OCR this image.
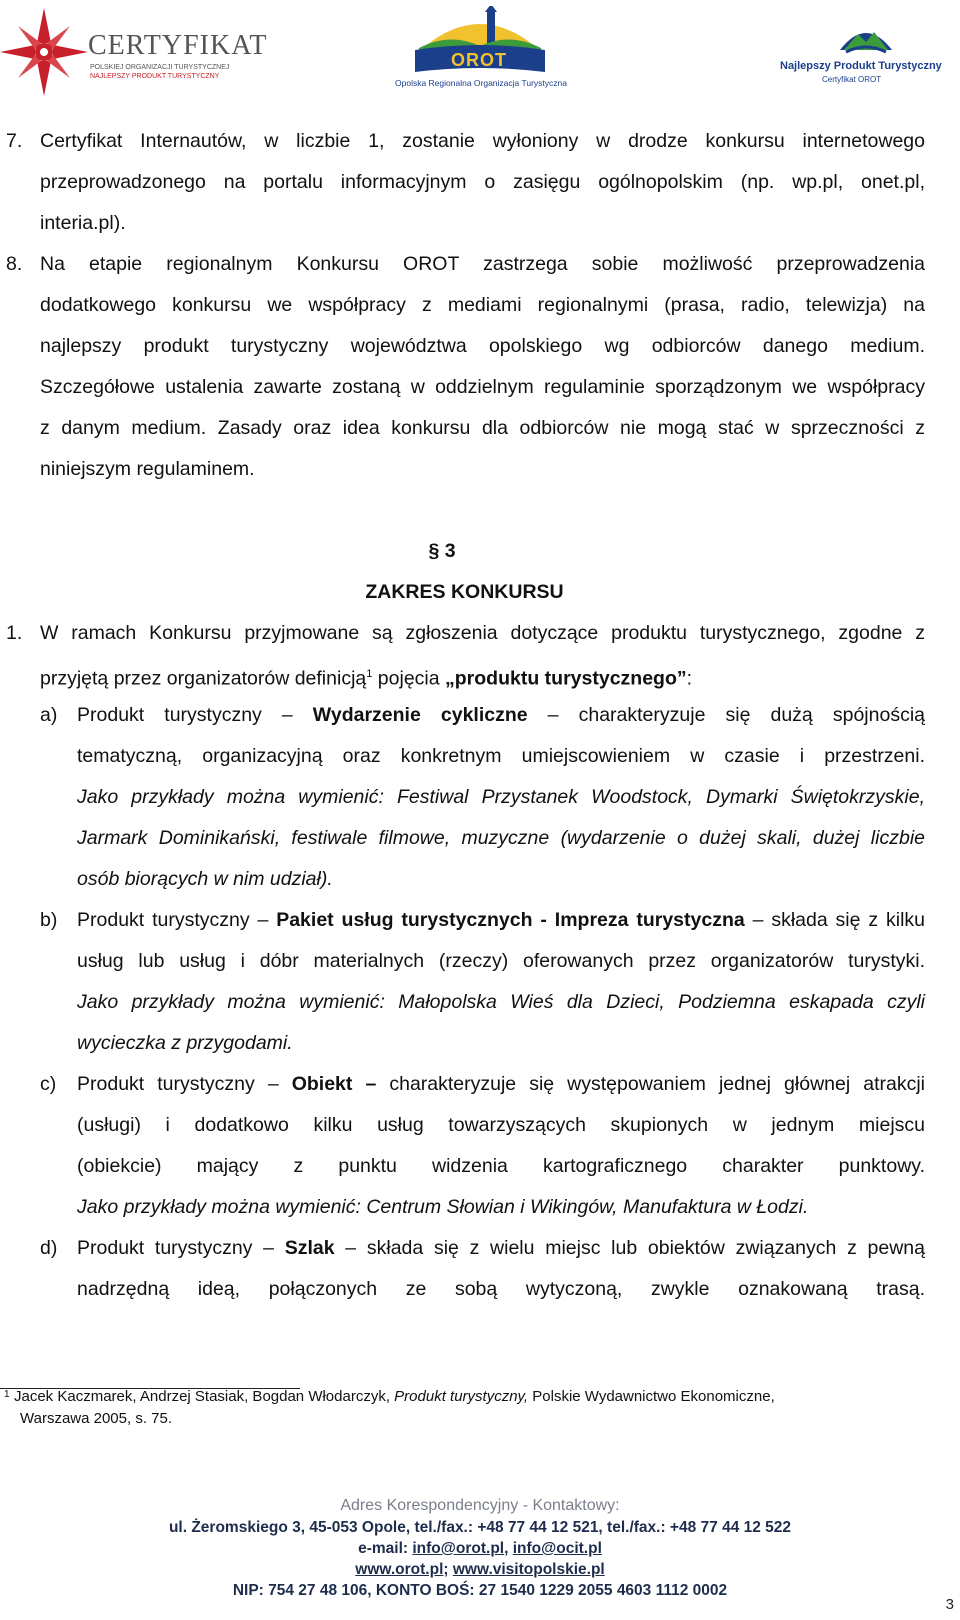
CERTYFIKAT
POLSKIEJ ORGANIZACJI TURYSTYCZNEJ
NAJLEPSZY PRODUKT TURYSTYCZNY
OROT
Opolska Regionalna Organizacja Turystyczna
Najlepszy Produkt Turystyczny
Certyfikat OROT
7. Certyfikat Internautów, w liczbie 1, zostanie wyłoniony w drodze konkursu internetowego
przeprowadzonego na portalu informacyjnym o zasięgu ogólnopolskim (np. wp.pl, onet.pl,
interia.pl).
8. Na etapie regionalnym Konkursu OROT zastrzega sobie możliwość przeprowadzenia
dodatkowego konkursu we współpracy z mediami regionalnymi (prasa, radio, telewizja) na
najlepszy produkt turystyczny województwa opolskiego wg odbiorców danego medium.
Szczegółowe ustalenia zawarte zostaną w oddzielnym regulaminie sporządzonym we współpracy
z danym medium. Zasady oraz idea konkursu dla odbiorców nie mogą stać w sprzeczności z
niniejszym regulaminem.
§ 3
ZAKRES KONKURSU
1. W ramach Konkursu przyjmowane są zgłoszenia dotyczące produktu turystycznego, zgodne z
przyjętą przez organizatorów definicją$^1$ pojęcia „produktu turystycznego”:
a) Produkt turystyczny – Wydarzenie cykliczne – charakteryzuje się dużą spójnością
tematyczną, organizacyjną oraz konkretnym umiejscowieniem w czasie i przestrzeni.
Jako przykłady można wymienić: Festiwal Przystanek Woodstock, Dymarki Świętokrzyskie,
Jarmark Dominikański, festiwale filmowe, muzyczne (wydarzenie o dużej skali, dużej liczbie
osób biorących w nim udział).
b) Produkt turystyczny – Pakiet usług turystycznych - Impreza turystyczna – składa się z kilku
usług lub usług i dóbr materialnych (rzeczy) oferowanych przez organizatorów turystyki.
Jako przykłady można wymienić: Małopolska Wieś dla Dzieci, Podziemna eskapada czyli
wycieczka z przygodami.
c) Produkt turystyczny – Obiekt – charakteryzuje się występowaniem jednej głównej atrakcji
(usługi) i dodatkowo kilku usług towarzyszących skupionych w jednym miejscu
(obiekcie) mający z punktu widzenia kartograficznego charakter punktowy.
Jako przykłady można wymienić: Centrum Słowian i Wikingów, Manufaktura w Łodzi.
d) Produkt turystyczny – Szlak – składa się z wielu miejsc lub obiektów związanych z pewną
nadrzędną ideą, połączonych ze sobą wytyczoną, zwykle oznakowaną trasą.
1 Jacek Kaczmarek, Andrzej Stasiak, Bogdan Włodarczyk, Produkt turystyczny, Polskie Wydawnictwo Ekonomiczne,
Warszawa 2005, s. 75.
Adres Korespondencyjny - Kontaktowy:
ul. Żeromskiego 3, 45-053 Opole, tel./fax.: +48 77 44 12 521, tel./fax.: +48 77 44 12 522
e-mail: info@orot.pl, info@ocit.pl
www.orot.pl; www.visitopolskie.pl
NIP: 754 27 48 106, KONTO BOŚ: 27 1540 1229 2055 4603 1112 0002
3
